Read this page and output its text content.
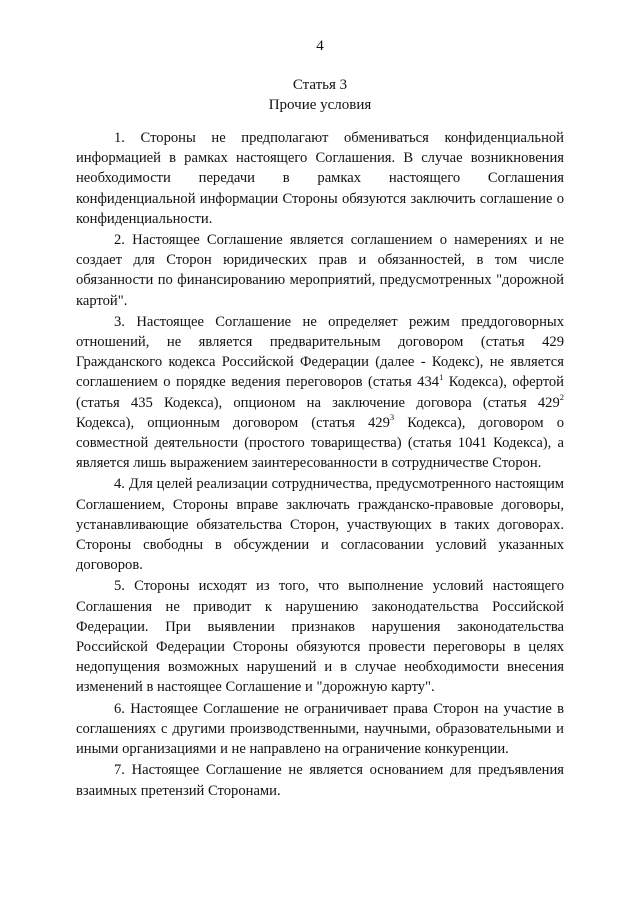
4
Статья 3
Прочие условия

1. Стороны не предполагают обмениваться конфиденциальной информацией в рамках настоящего Соглашения. В случае возникновения необходимости передачи в рамках настоящего Соглашения конфиденциальной информации Стороны обязуются заключить соглашение о конфиденциальности.

2. Настоящее Соглашение является соглашением о намерениях и не создает для Сторон юридических прав и обязанностей, в том числе обязанности по финансированию мероприятий, предусмотренных "дорожной картой".

3. Настоящее Соглашение не определяет режим преддоговорных отношений, не является предварительным договором (статья 429 Гражданского кодекса Российской Федерации (далее - Кодекс), не является соглашением о порядке ведения переговоров (статья $434^1$ Кодекса), офертой (статья 435 Кодекса), опционом на заключение договора (статья $429^2$ Кодекса), опционным договором (статья $429^3$ Кодекса), договором о совместной деятельности (простого товарищества) (статья 1041 Кодекса), а является лишь выражением заинтересованности в сотрудничестве Сторон.

4. Для целей реализации сотрудничества, предусмотренного настоящим Соглашением, Стороны вправе заключать гражданско-правовые договоры, устанавливающие обязательства Сторон, участвующих в таких договорах. Стороны свободны в обсуждении и согласовании условий указанных договоров.

5. Стороны исходят из того, что выполнение условий настоящего Соглашения не приводит к нарушению законодательства Российской Федерации. При выявлении признаков нарушения законодательства Российской Федерации Стороны обязуются провести переговоры в целях недопущения возможных нарушений и в случае необходимости внесения изменений в настоящее Соглашение и "дорожную карту".

6. Настоящее Соглашение не ограничивает права Сторон на участие в соглашениях с другими производственными, научными, образовательными и иными организациями и не направлено на ограничение конкуренции.

7. Настоящее Соглашение не является основанием для предъявления взаимных претензий Сторонами.
